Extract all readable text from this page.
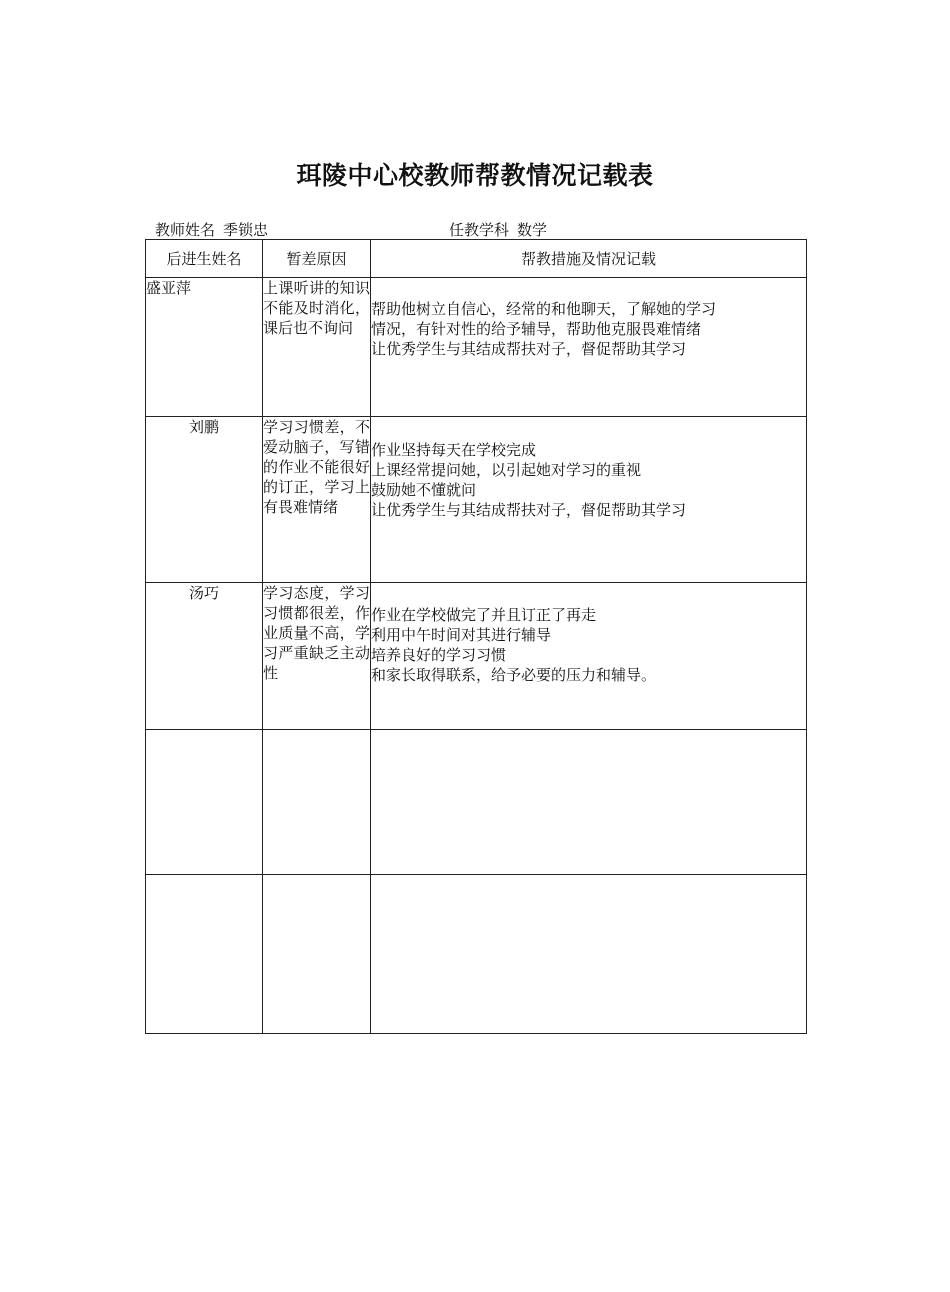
珥陵中心校教师帮教情况记载表
教师姓名 季锁忠	任教学科 数学
后进生姓名	暂差原因	帮教措施及情况记载
盛亚萍	上课听讲的知识不能及时消化，课后也不询问	帮助他树立自信心，经常的和他聊天，了解她的学习
情况，有针对性的给予辅导，帮助他克服畏难情绪
让优秀学生与其结成帮扶对子，督促帮助其学习

刘鹏	学习习惯差，不爱动脑子，写错的作业不能很好的订正，学习上有畏难情绪	作业坚持每天在学校完成
上课经常提问她，以引起她对学习的重视
鼓励她不懂就问
让优秀学生与其结成帮扶对子，督促帮助其学习

汤巧	学习态度，学习习惯都很差，作业质量不高，学习严重缺乏主动性	作业在学校做完了并且订正了再走
利用中午时间对其进行辅导
培养良好的学习习惯
和家长取得联系，给予必要的压力和辅导。
